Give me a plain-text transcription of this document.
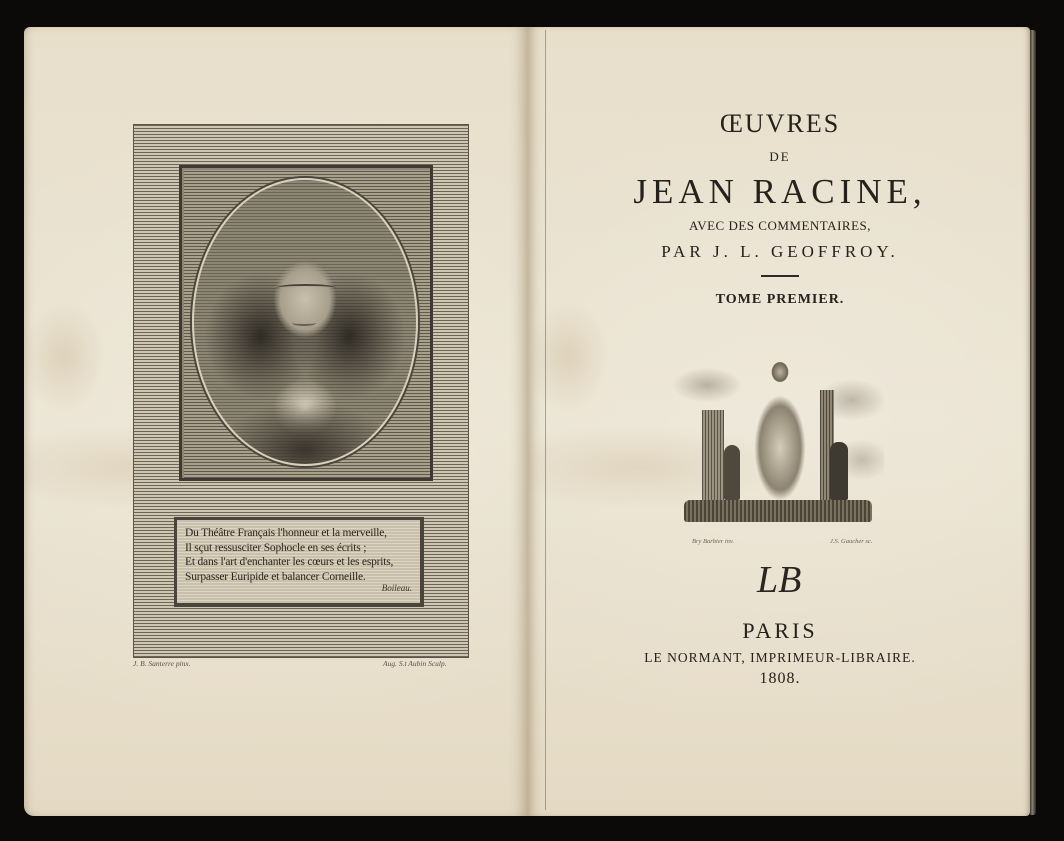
Du Théâtre Français l'honneur et la merveille,
Il sçut ressusciter Sophocle en ses écrits ;
Et dans l'art d'enchanter les cœurs et les esprits,
Surpasser Euripide et balancer Corneille.
Boileau.
J. B. Santerre pinx.	Aug. S.t Aubin Sculp.
ŒUVRES
DE
JEAN RACINE,
AVEC DES COMMENTAIRES,
PAR J. L. GEOFFROY.
TOME PREMIER.
Bry Barbier inv.	J.S. Gaucher sc.
LB
PARIS
LE NORMANT, IMPRIMEUR-LIBRAIRE.
1808.
